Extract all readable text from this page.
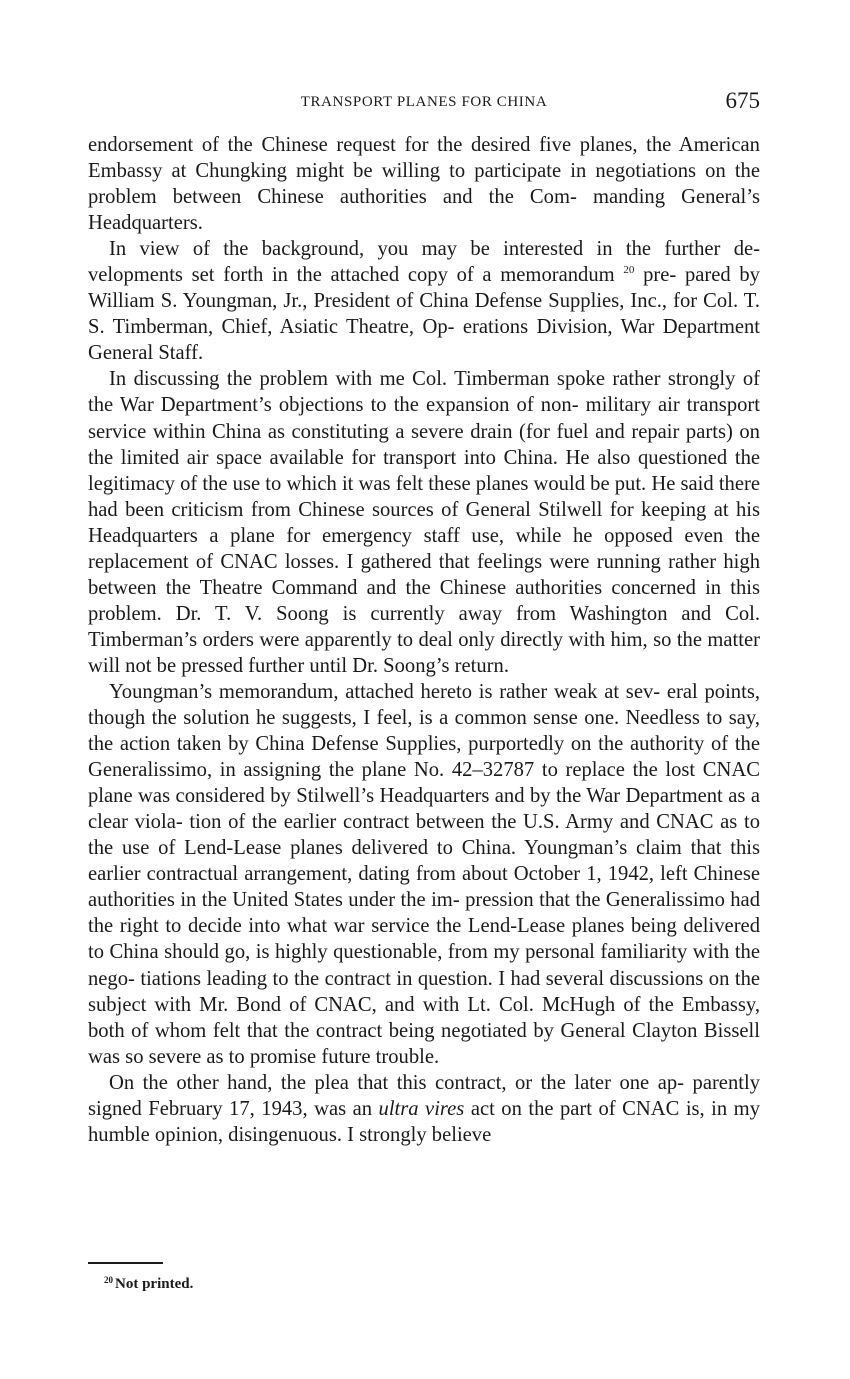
TRANSPORT PLANES FOR CHINA	675

endorsement of the Chinese request for the desired five planes, the American Embassy at Chungking might be willing to participate in negotiations on the problem between Chinese authorities and the Com- manding General’s Headquarters.

In view of the background, you may be interested in the further de- velopments set forth in the attached copy of a memorandum $^{20}$ pre- pared by William S. Youngman, Jr., President of China Defense Supplies, Inc., for Col. T. S. Timberman, Chief, Asiatic Theatre, Op- erations Division, War Department General Staff.

In discussing the problem with me Col. Timberman spoke rather strongly of the War Department’s objections to the expansion of non- military air transport service within China as constituting a severe drain (for fuel and repair parts) on the limited air space available for transport into China. He also questioned the legitimacy of the use to which it was felt these planes would be put. He said there had been criticism from Chinese sources of General Stilwell for keeping at his Headquarters a plane for emergency staff use, while he opposed even the replacement of CNAC losses. I gathered that feelings were running rather high between the Theatre Command and the Chinese authorities concerned in this problem. Dr. T. V. Soong is currently away from Washington and Col. Timberman’s orders were apparently to deal only directly with him, so the matter will not be pressed further until Dr. Soong’s return.

Youngman’s memorandum, attached hereto is rather weak at sev- eral points, though the solution he suggests, I feel, is a common sense one. Needless to say, the action taken by China Defense Supplies, purportedly on the authority of the Generalissimo, in assigning the plane No. 42–32787 to replace the lost CNAC plane was considered by Stilwell’s Headquarters and by the War Department as a clear viola- tion of the earlier contract between the U.S. Army and CNAC as to the use of Lend-Lease planes delivered to China. Youngman’s claim that this earlier contractual arrangement, dating from about October 1, 1942, left Chinese authorities in the United States under the im- pression that the Generalissimo had the right to decide into what war service the Lend-Lease planes being delivered to China should go, is highly questionable, from my personal familiarity with the nego- tiations leading to the contract in question. I had several discussions on the subject with Mr. Bond of CNAC, and with Lt. Col. McHugh of the Embassy, both of whom felt that the contract being negotiated by General Clayton Bissell was so severe as to promise future trouble.

On the other hand, the plea that this contract, or the later one ap- parently signed February 17, 1943, was an ultra vires act on the part of CNAC is, in my humble opinion, disingenuous. I strongly believe

$^{20}$ Not printed.
